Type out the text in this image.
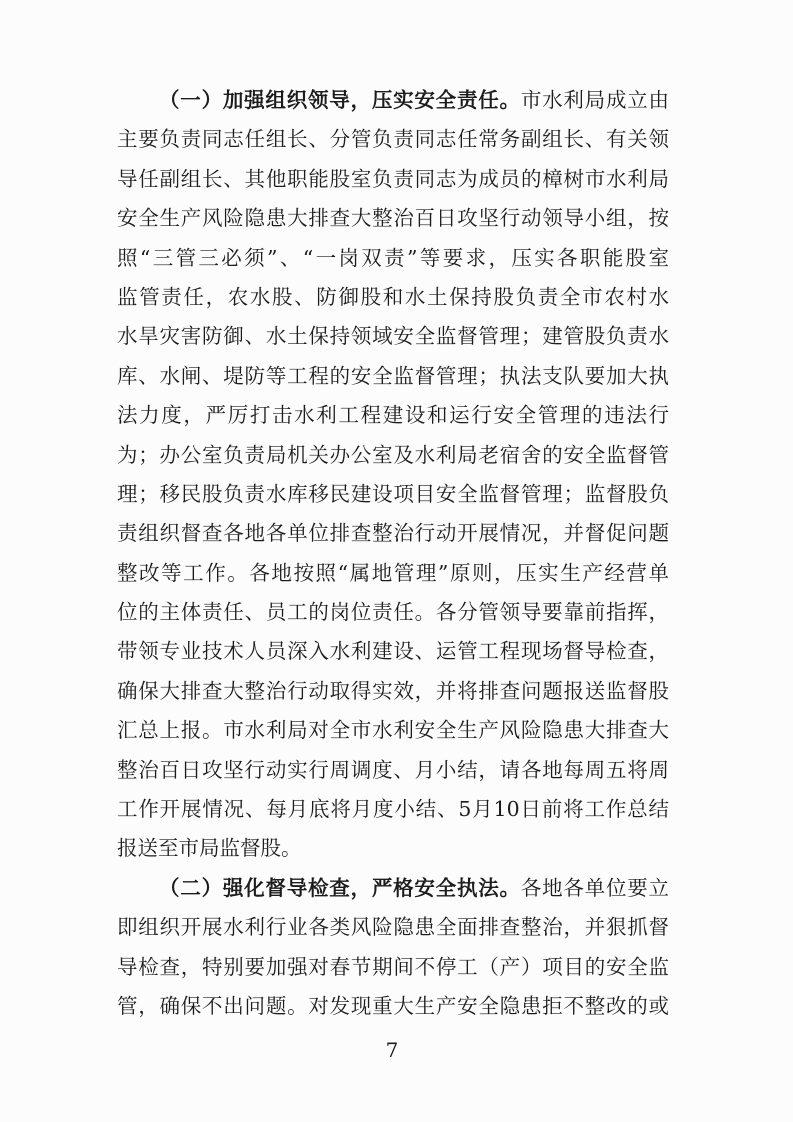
（一）加强组织领导，压实安全责任。市水利局成立由
主要负责同志任组长、分管负责同志任常务副组长、有关领
导任副组长、其他职能股室负责同志为成员的樟树市水利局
安全生产风险隐患大排查大整治百日攻坚行动领导小组，按
照“三管三必须”、“一岗双责”等要求，压实各职能股室
监管责任，农水股、防御股和水土保持股负责全市农村水
水旱灾害防御、水土保持领域安全监督管理；建管股负责水
库、水闸、堤防等工程的安全监督管理；执法支队要加大执
法力度，严厉打击水利工程建设和运行安全管理的违法行
为；办公室负责局机关办公室及水利局老宿舍的安全监督管
理；移民股负责水库移民建设项目安全监督管理；监督股负
责组织督查各地各单位排查整治行动开展情况，并督促问题
整改等工作。各地按照“属地管理”原则，压实生产经营单
位的主体责任、员工的岗位责任。各分管领导要靠前指挥，
带领专业技术人员深入水利建设、运管工程现场督导检查，
确保大排查大整治行动取得实效，并将排查问题报送监督股
汇总上报。市水利局对全市水利安全生产风险隐患大排查大
整治百日攻坚行动实行周调度、月小结，请各地每周五将周
工作开展情况、每月底将月度小结、5月10日前将工作总结
报送至市局监督股。
（二）强化督导检查，严格安全执法。各地各单位要立
即组织开展水利行业各类风险隐患全面排查整治，并狠抓督
导检查，特别要加强对春节期间不停工（产）项目的安全监
管，确保不出问题。对发现重大生产安全隐患拒不整改的或
7
